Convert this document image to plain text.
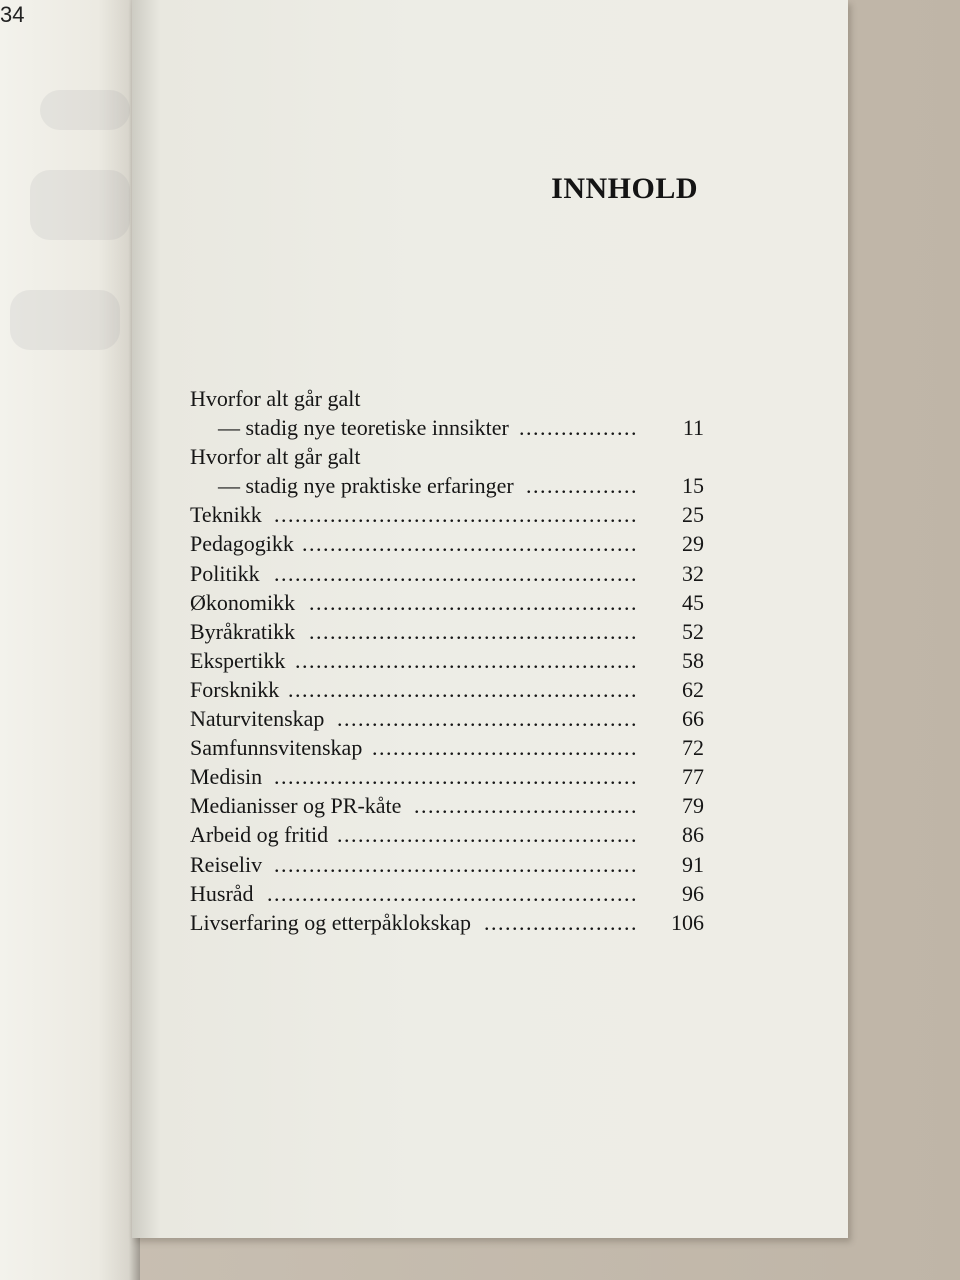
34
INNHOLD
Hvorfor alt går galt
— stadig nye teoretiske innsikter .................	11
Hvorfor alt går galt
— stadig nye praktiske erfaringer ................	15
Teknikk ....................................................	25
Pedagogikk ................................................	29
Politikk ....................................................	32
Økonomikk ...............................................	45
Byråkratikk ...............................................	52
Ekspertikk .................................................	58
Forsknikk ..................................................	62
Naturvitenskap ...........................................	66
Samfunnsvitenskap ......................................	72
Medisin ....................................................	77
Medianisser og PR-kåte ................................	79
Arbeid og fritid ...........................................	86
Reiseliv ....................................................	91
Husråd .....................................................	96
Livserfaring og etterpåklokskap ......................	106
